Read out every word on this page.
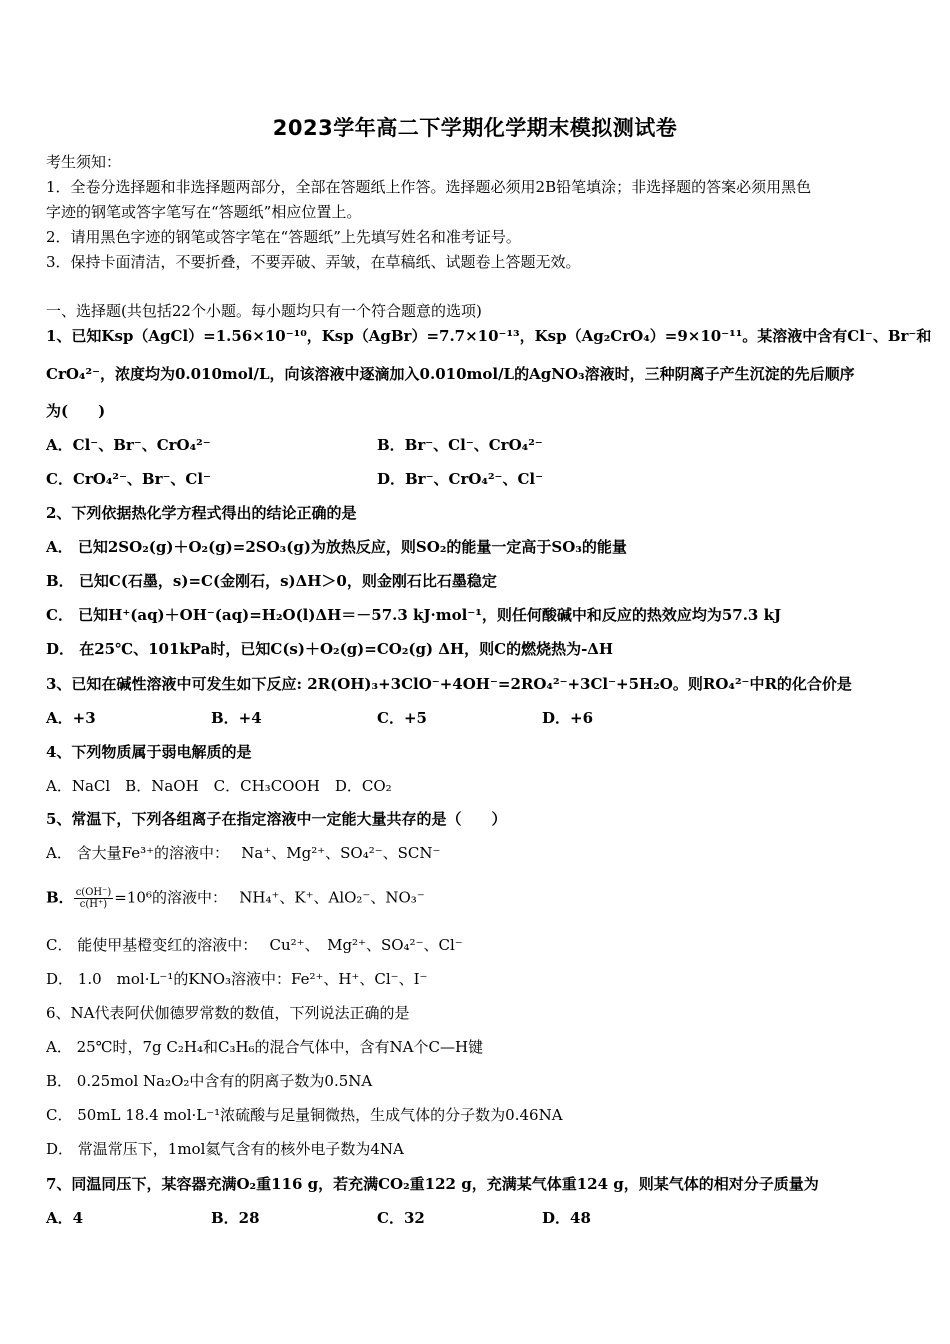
2023学年高二下学期化学期末模拟测试卷
考生须知：
1．全卷分选择题和非选择题两部分，全部在答题纸上作答。选择题必须用2B铅笔填涂；非选择题的答案必须用黑色
字迹的钢笔或答字笔写在“答题纸”相应位置上。
2．请用黑色字迹的钢笔或答字笔在“答题纸”上先填写姓名和准考证号。
3．保持卡面清洁，不要折叠，不要弄破、弄皱，在草稿纸、试题卷上答题无效。
一、选择题(共包括22个小题。每小题均只有一个符合题意的选项)
1、已知Ksp（AgCl）=1.56×10⁻¹⁰，Ksp（AgBr）=7.7×10⁻¹³，Ksp（Ag₂CrO₄）=9×10⁻¹¹。某溶液中含有Cl⁻、Br⁻和
CrO₄²⁻，浓度均为0.010mol/L，向该溶液中逐滴加入0.010mol/L的AgNO₃溶液时，三种阴离子产生沉淀的先后顺序
为(　　)
A．Cl⁻、Br⁻、CrO₄²⁻	B．Br⁻、Cl⁻、CrO₄²⁻
C．CrO₄²⁻、Br⁻、Cl⁻	D．Br⁻、CrO₄²⁻、Cl⁻
2、下列依据热化学方程式得出的结论正确的是
A． 已知2SO₂(g)＋O₂(g)=2SO₃(g)为放热反应，则SO₂的能量一定高于SO₃的能量
B． 已知C(石墨，s)=C(金刚石，s)ΔH＞0，则金刚石比石墨稳定
C． 已知H⁺(aq)＋OH⁻(aq)=H₂O(l)ΔH＝－57.3 kJ·mol⁻¹，则任何酸碱中和反应的热效应均为57.3 kJ
D． 在25℃、101kPa时，已知C(s)＋O₂(g)=CO₂(g) ΔH，则C的燃烧热为-ΔH
3、已知在碱性溶液中可发生如下反应: 2R(OH)₃+3ClO⁻+4OH⁻=2RO₄²⁻+3Cl⁻+5H₂O。则RO₄²⁻中R的化合价是
A．+3	B．+4	C．+5	D．+6
4、下列物质属于弱电解质的是
A．NaCl　B．NaOH　C．CH₃COOH　D．CO₂
5、常温下，下列各组离子在指定溶液中一定能大量共存的是（　　）
A． 含大量Fe³⁺的溶液中：　 Na⁺、Mg²⁺、SO₄²⁻、SCN⁻
B． $\frac{c(OH^-)}{c(H^+)} =10^6$的溶液中：　 NH₄⁺、K⁺、AlO₂⁻、NO₃⁻
C． 能使甲基橙变红的溶液中：　 Cu²⁺、　Mg²⁺、SO₄²⁻、Cl⁻
D． 1.0　mol·L⁻¹的KNO₃溶液中：Fe²⁺、H⁺、Cl⁻、I⁻
6、NA代表阿伏伽德罗常数的数值，下列说法正确的是
A． 25℃时，7g C₂H₄和C₃H₆的混合气体中，含有NA个C—H键
B． 0.25mol Na₂O₂中含有的阴离子数为0.5NA
C． 50mL 18.4 mol·L⁻¹浓硫酸与足量铜微热，生成气体的分子数为0.46NA
D． 常温常压下，1mol氦气含有的核外电子数为4NA
7、同温同压下，某容器充满O₂重116 g，若充满CO₂重122 g，充满某气体重124 g，则某气体的相对分子质量为
A．4	B．28	C．32	D．48
